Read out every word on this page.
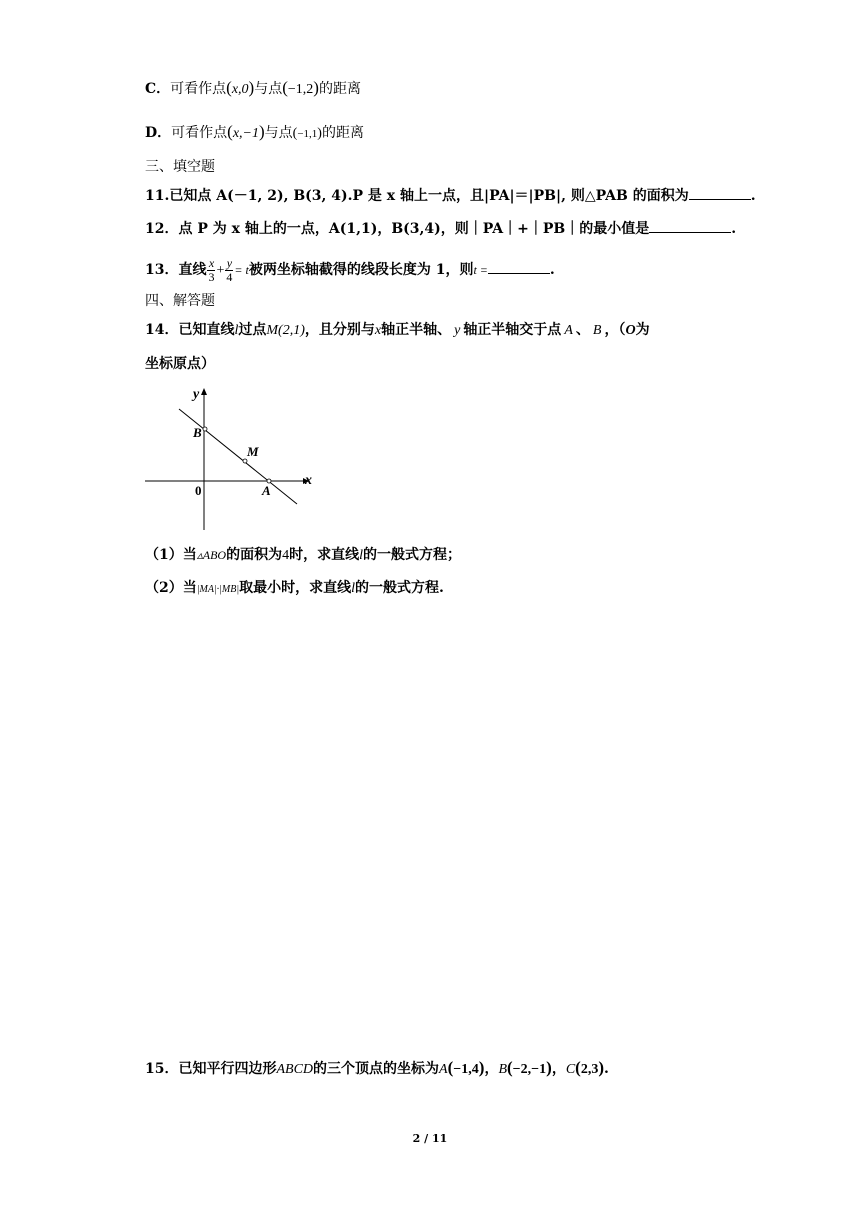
C．可看作点(x,0)与点(−1,2)的距离
D．可看作点(x,−1)与点(−1,1)的距离
三、填空题
11.已知点 A(－1, 2), B(3, 4).P 是 x 轴上一点，且|PA|＝|PB|, 则△PAB 的面积为	.
12．点 P 为 x 轴上的一点，A(1,1)，B(3,4)，则｜PA｜+｜PB｜的最小值是	.
13．直线 $\frac{x}{3} + \frac{y}{4} = t$被两坐标轴截得的线段长度为 1，则t =	.
四、解答题
14．已知直线l过点M(2,1)，且分别与x轴正半轴、 y 轴正半轴交于点 A 、 B ，（O为
坐标原点）
y
x
0
B
M
A
（1）当▵ABO的面积为4时，求直线l的一般式方程；
（2）当|MA|·|MB|取最小时，求直线l的一般式方程.
15．已知平行四边形ABCD的三个顶点的坐标为A(−1,4)，B(−2,−1)，C(2,3).
2 / 11
